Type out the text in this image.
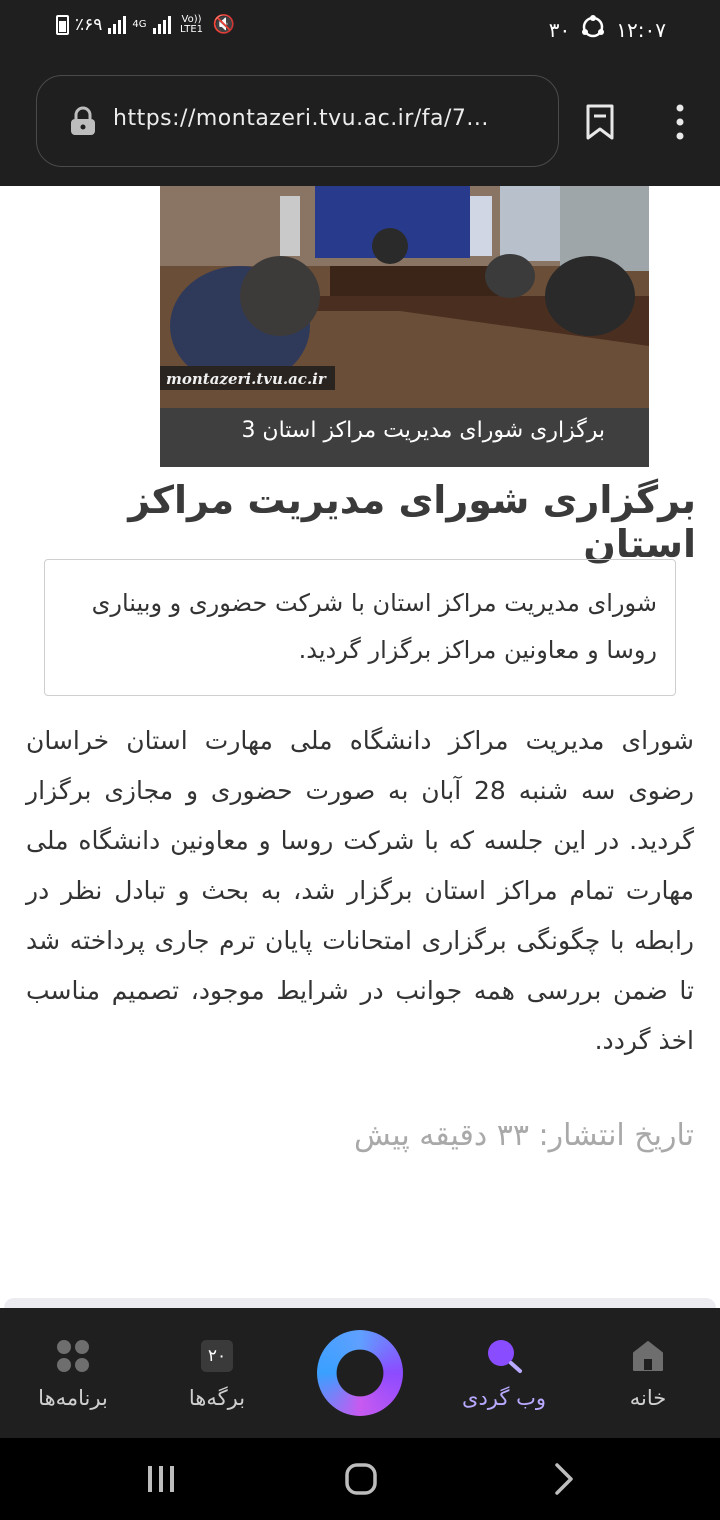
٪۶۹	4G	Vo)) LTE1 🔇	۳۰ ۱۲:۰۷
https://montazeri.tvu.ac.ir/fa/7...
montazeri.tvu.ac.ir
برگزاری شورای مدیریت مراکز استان 3
برگزاری شورای مدیریت مراکز استان
شورای مدیریت مراکز استان با شرکت حضوری و وبیناری روسا و معاونین مراکز برگزار گردید.
شورای مدیریت مراکز دانشگاه ملی مهارت استان خراسان رضوی سه شنبه 28 آبان به صورت حضوری و مجازی برگزار گردید. در این جلسه که با شرکت روسا و معاونین دانشگاه ملی مهارت تمام مراکز استان برگزار شد، به بحث و تبادل نظر در رابطه با چگونگی برگزاری امتحانات پایان ترم جاری پرداخته شد تا ضمن بررسی همه جوانب در شرایط موجود، تصمیم مناسب اخذ گردد.
تاریخ انتشار: ۳۳ دقیقه پیش
خانه
وب گردی
۲۰
برگه‌ها
برنامه‌ها
